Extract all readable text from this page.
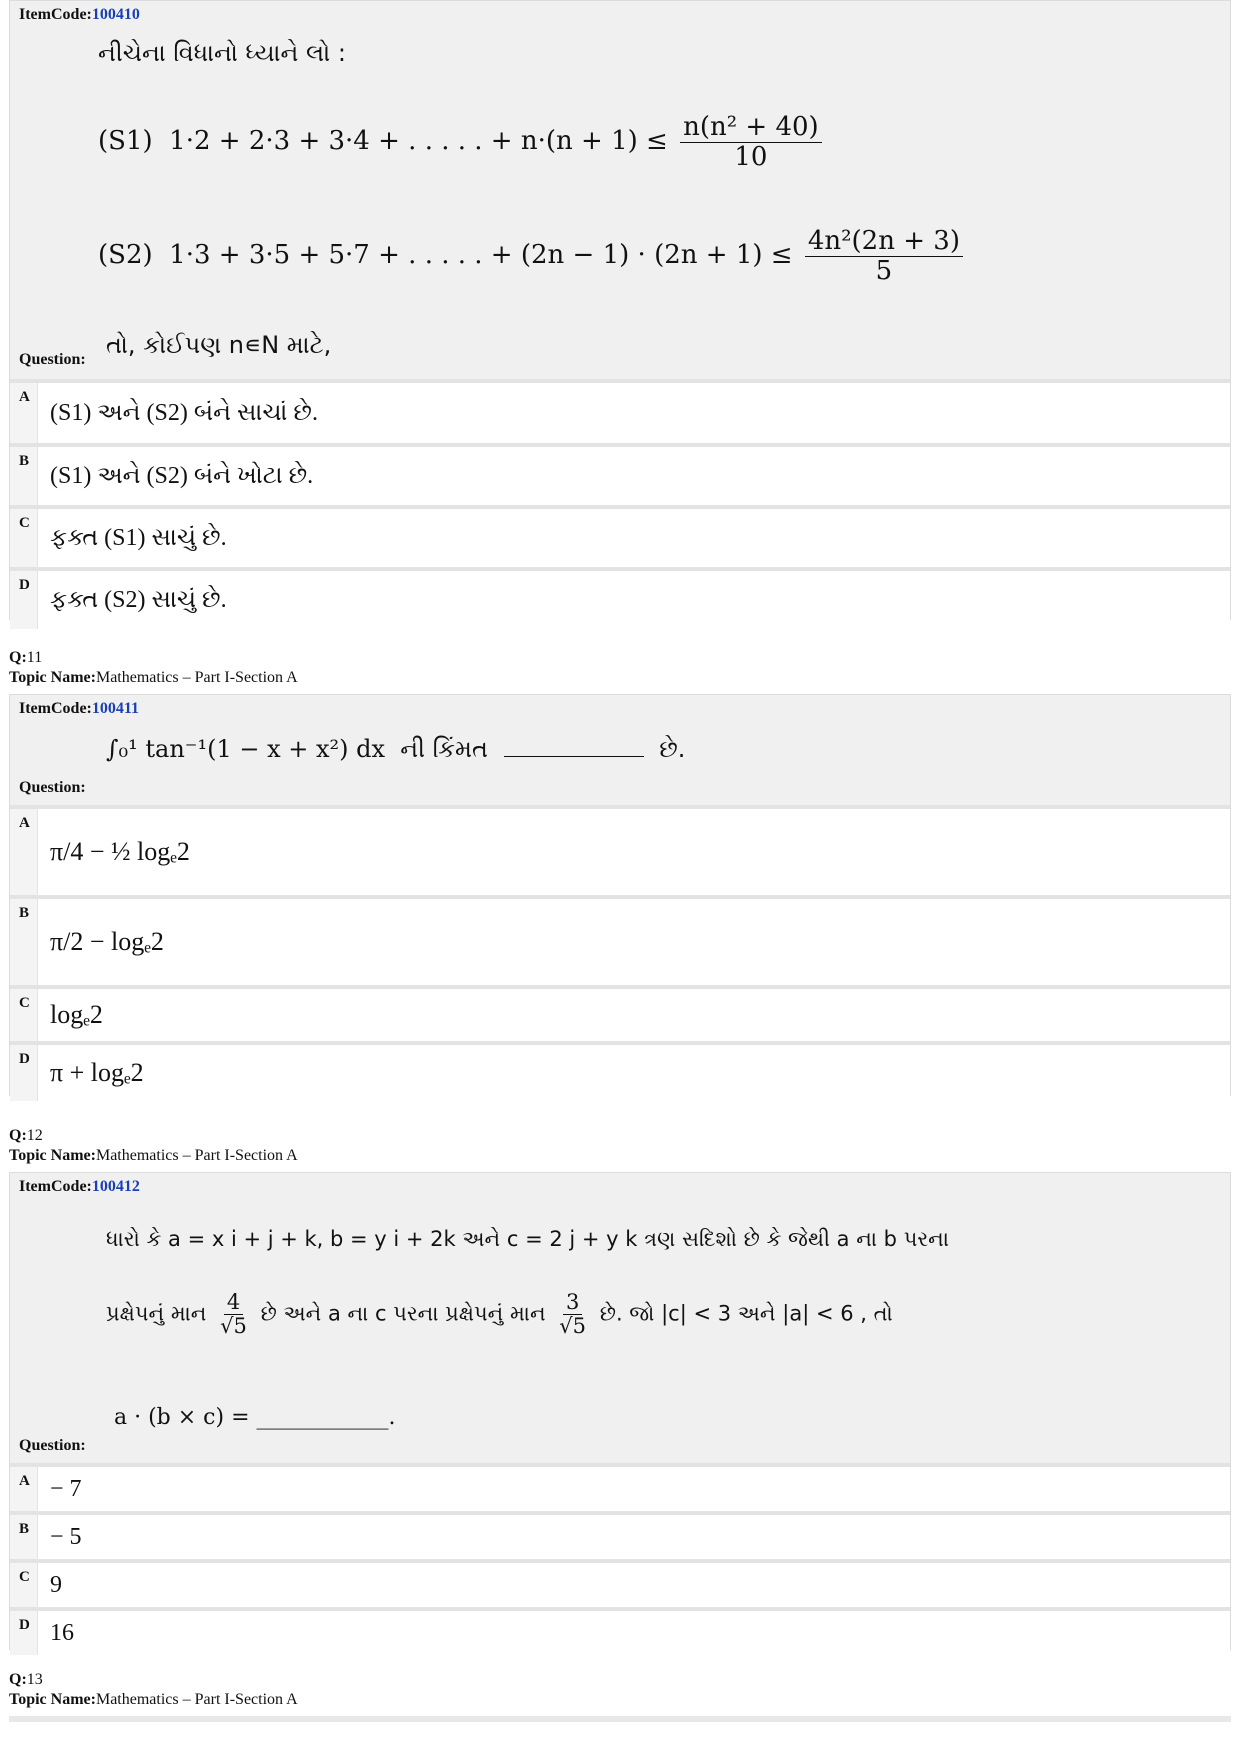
ItemCode:100410
નીચેના વિધાનો ધ્યાને લો :
(S1) 1·2 + 2·3 + 3·4 + . . . . . + $n\cdot(n + 1) \le \frac{\text{n(n² + 40)}}{10}$
(S2) 1·3 + 3·5 + 5·7 + . . . . . + $(2n - 1) \cdot (2n + 1) \le \frac{\text{4n²(2n + 3)}}{5}$
Question:
તો, કોઈપણ n∊N માટે,
A
(S1) અને (S2) બંને સાચાં છે.
B
(S1) અને (S2) બંને ખોટા છે.
C
ફક્ત (S1) સાચું છે.
D
ફક્ત (S2) સાચું છે.
Q:11
Topic Name:Mathematics – Part I-Section A
ItemCode:100411
∫₀¹ tan⁻¹(1 − x + x²) dx ની કિંમત	છે.
Question:
A
π/4 − ½ logₑ2
B
π/2 − logₑ2
C logₑ2
D π + logₑ2
Q:12
Topic Name:Mathematics – Part I-Section A
ItemCode:100412
ધારો કે a = x i + j + k, b = y i + 2k અને c = 2 j + y k ત્રણ સદિશો છે કે જેથી a ના b પરના
પ્રક્ષેપનું માન $\frac{4}{√5}$ છે અને a ના c પરના પ્રક્ષેપનું માન $\frac{3}{√5}$ છે. જો |c| < 3 અને |a| < 6 , તો
a · (b × c) = ____________.
Question:
A − 7
B − 5
C 9
D 16
Q:13
Topic Name:Mathematics – Part I-Section A
